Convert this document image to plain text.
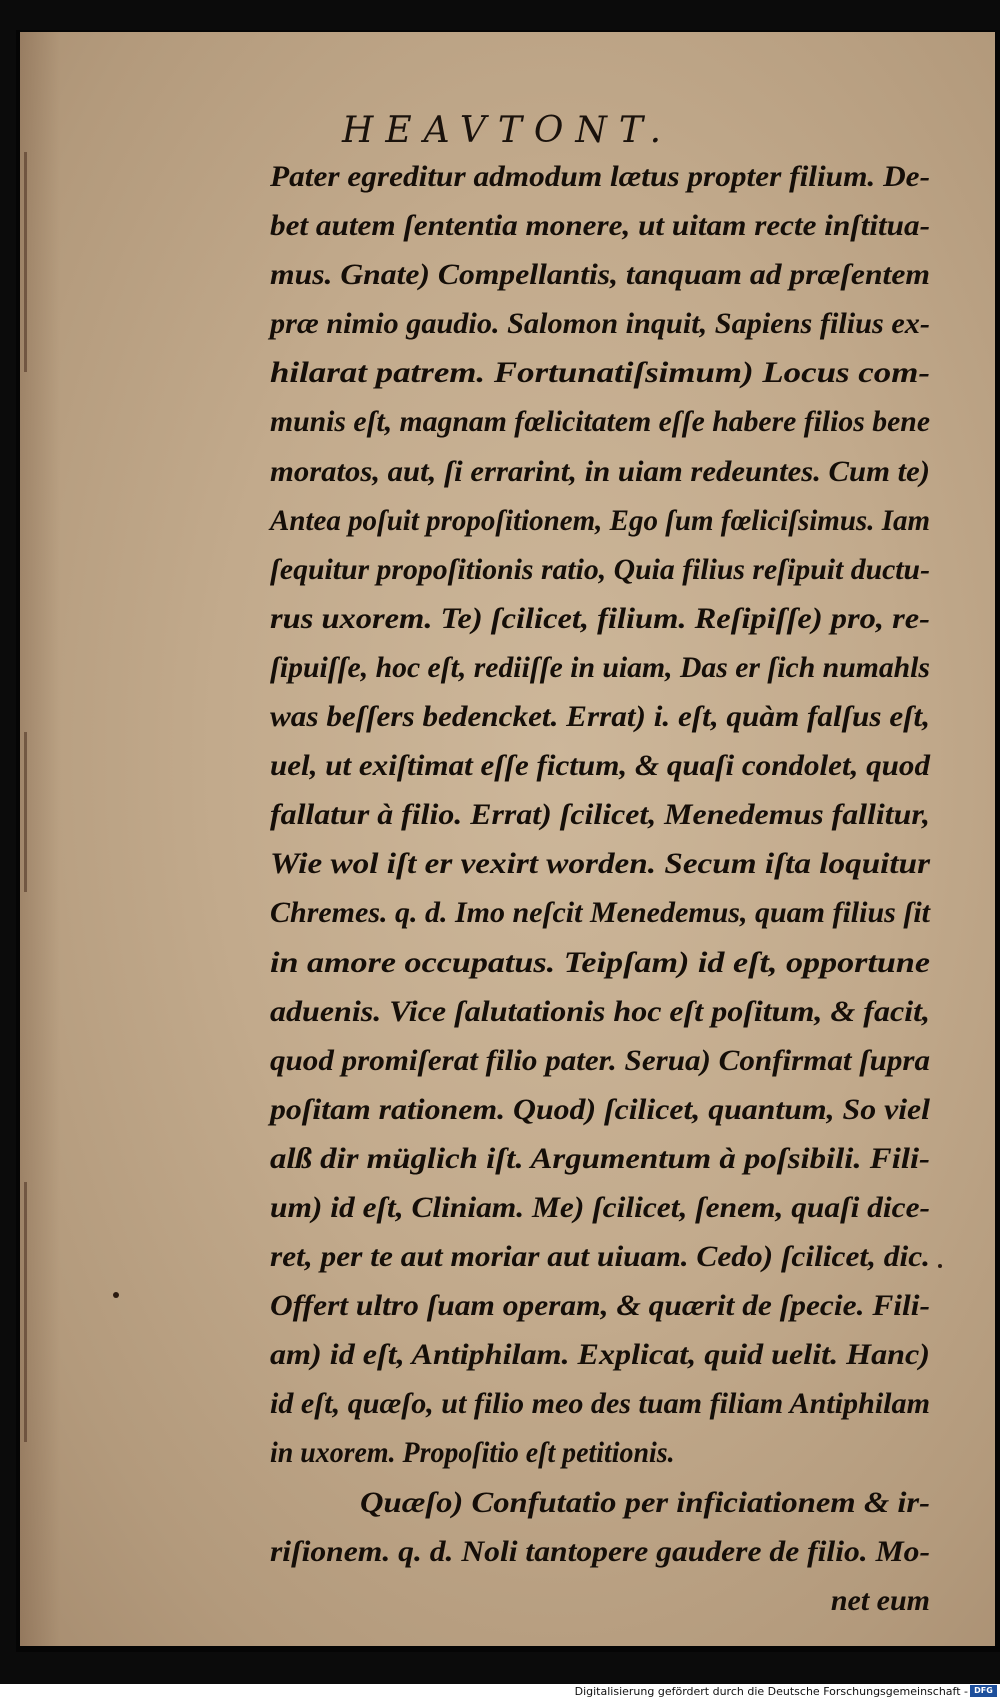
HEAVTONT.
Pater egreditur admodum lætus propter filium. De-
bet autem ſententia monere, ut uitam recte inſtitua-
mus. Gnate) Compellantis, tanquam ad præſentem
præ nimio gaudio. Salomon inquit, Sapiens filius ex-
hilarat patrem. Fortunatiſsimum) Locus com-
munis eſt, magnam fœlicitatem eſſe habere filios bene
moratos, aut, ſi errarint, in uiam redeuntes. Cum te)
Antea poſuit propoſitionem, Ego ſum fœliciſsimus. Iam
ſequitur propoſitionis ratio, Quia filius reſipuit ductu-
rus uxorem. Te) ſcilicet, filium. Reſipiſſe) pro, re-
ſipuiſſe, hoc eſt, rediiſſe in uiam, Das er ſich numahls
was beſſers bedencket. Errat) i. eſt, quàm falſus eſt,
uel, ut exiſtimat eſſe fictum, & quaſi condolet, quod
fallatur à filio. Errat) ſcilicet, Menedemus fallitur,
Wie wol iſt er vexirt worden. Secum iſta loquitur
Chremes. q. d. Imo neſcit Menedemus, quam filius ſit
in amore occupatus. Teipſam) id eſt, opportune
aduenis. Vice ſalutationis hoc eſt poſitum, & facit,
quod promiſerat filio pater. Serua) Confirmat ſupra
poſitam rationem. Quod) ſcilicet, quantum, So viel
alß dir müglich iſt. Argumentum à poſsibili. Fili-
um) id eſt, Cliniam. Me) ſcilicet, ſenem, quaſi dice-
ret, per te aut moriar aut uiuam. Cedo) ſcilicet, dic.
Offert ultro ſuam operam, & quærit de ſpecie. Fili-
am) id eſt, Antiphilam. Explicat, quid uelit. Hanc)
id eſt, quæſo, ut filio meo des tuam filiam Antiphilam
in uxorem. Propoſitio eſt petitionis.
Quæſo) Confutatio per inficiationem & ir-
riſionem. q. d. Noli tantopere gaudere de filio. Mo-
net eum
Digitalisierung gefördert durch die Deutsche Forschungsgemeinschaft - DFG
